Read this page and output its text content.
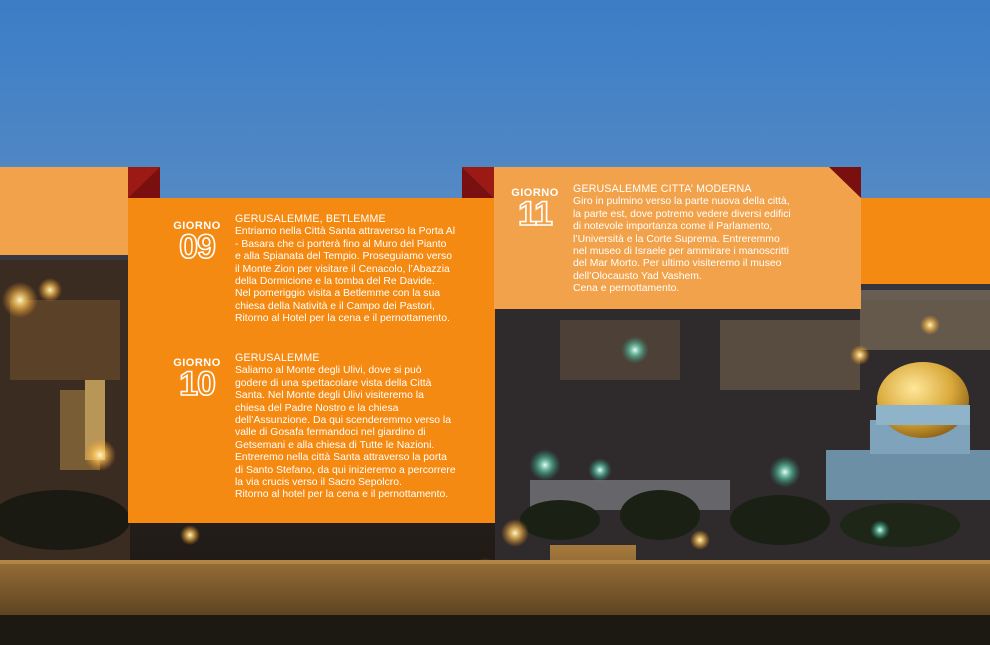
GIORNO
09
GERUSALEMME, BETLEMME

Entriamo nella Città Santa attraverso la Porta Al

- Basara che ci porterà fino al Muro del Pianto

e alla Spianata del Tempio. Proseguiamo verso

il Monte Zion per visitare il Cenacolo, l’Abazzia

della Dormicione e la tomba del Re Davide.

Nel pomeriggio visita a Betlemme con la sua

chiesa della Natività e il Campo dei Pastori,

Ritorno al Hotel per la cena e il pernottamento.

GIORNO
10
GERUSALEMME

Saliamo al Monte degli Ulivi, dove si può

godere di una spettacolare vista della Città

Santa. Nel Monte degli Ulivi visiteremo la

chiesa del Padre Nostro e la chiesa

dell’Assunzione. Da qui scenderemmo verso la

valle di Gosafa fermandoci nel giardino di

Getsemani e alla chiesa di Tutte le Nazioni.

Entreremo nella città Santa attraverso la porta

di Santo Stefano, da qui inizieremo a percorrere

la via crucis verso il Sacro Sepolcro.

Ritorno al hotel per la cena e il pernottamento.

GIORNO
11
GERUSALEMME CITTA’ MODERNA

Giro in pulmino verso la parte nuova della città,

la parte est, dove potremo vedere diversi edifici

di notevole importanza come il Parlamento,

l’Università e la Corte Suprema. Entreremmo

nel museo di Israele per ammirare i manoscritti

del Mar Morto. Per ultimo visiteremo il museo

dell’Olocausto Yad Vashem.

Cena e pernottamento.
